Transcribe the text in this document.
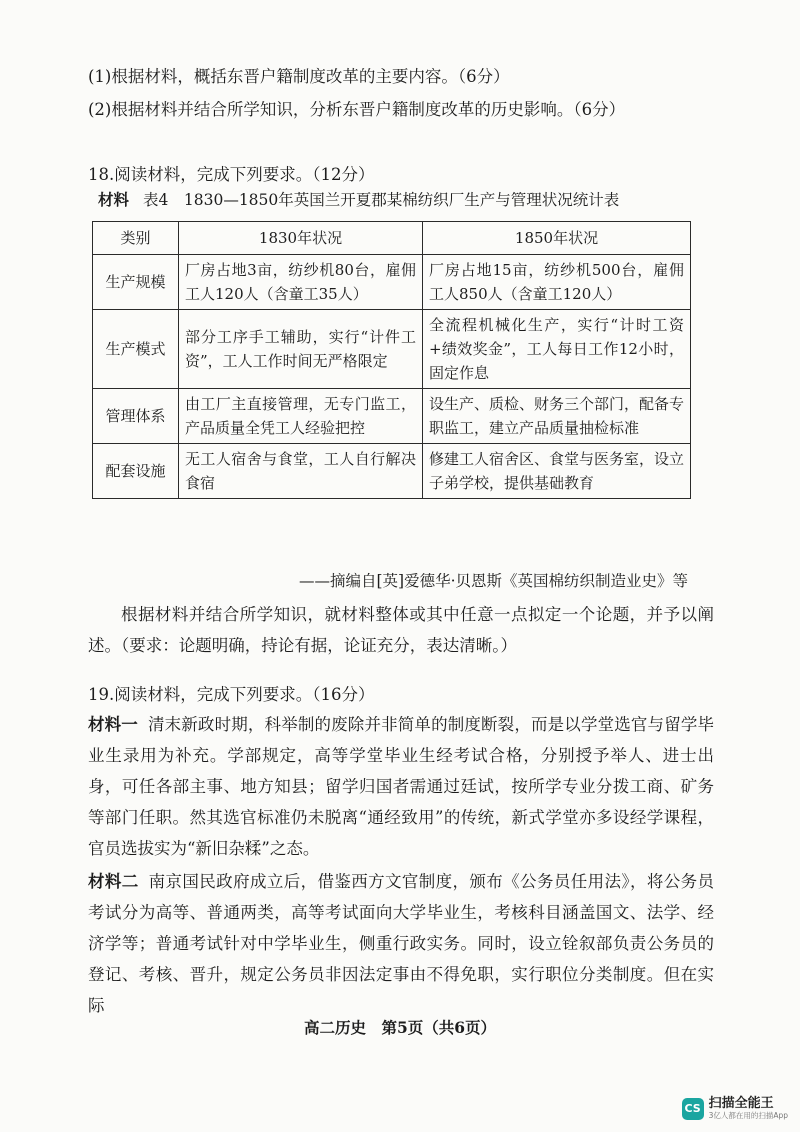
(1)根据材料，概括东晋户籍制度改革的主要内容。（6分）
(2)根据材料并结合所学知识，分析东晋户籍制度改革的历史影响。（6分）
18.阅读材料，完成下列要求。（12分）
材料 表4　1830—1850年英国兰开夏郡某棉纺织厂生产与管理状况统计表
类别	1830年状况	1850年状况
生产规模	厂房占地3亩，纺纱机80台，雇佣工人120人（含童工35人）	厂房占地15亩，纺纱机500台，雇佣工人850人（含童工120人）
生产模式	部分工序手工辅助，实行“计件工资”，工人工作时间无严格限定	全流程机械化生产，实行“计时工资+绩效奖金”，工人每日工作12小时，固定作息
管理体系	由工厂主直接管理，无专门监工，产品质量全凭工人经验把控	设生产、质检、财务三个部门，配备专职监工，建立产品质量抽检标准
配套设施	无工人宿舍与食堂，工人自行解决食宿	修建工人宿舍区、食堂与医务室，设立子弟学校，提供基础教育
——摘编自[英]爱德华·贝恩斯《英国棉纺织制造业史》等
根据材料并结合所学知识，就材料整体或其中任意一点拟定一个论题，并予以阐述。（要求：论题明确，持论有据，论证充分，表达清晰。）
19.阅读材料，完成下列要求。（16分）
材料一 清末新政时期，科举制的废除并非简单的制度断裂，而是以学堂选官与留学毕业生录用为补充。学部规定，高等学堂毕业生经考试合格，分别授予举人、进士出身，可任各部主事、地方知县；留学归国者需通过廷试，按所学专业分拨工商、矿务等部门任职。然其选官标准仍未脱离“通经致用”的传统，新式学堂亦多设经学课程，官员选拔实为“新旧杂糅”之态。
材料二 南京国民政府成立后，借鉴西方文官制度，颁布《公务员任用法》，将公务员考试分为高等、普通两类，高等考试面向大学毕业生，考核科目涵盖国文、法学、经济学等；普通考试针对中学毕业生，侧重行政实务。同时，设立铨叙部负责公务员的登记、考核、晋升，规定公务员非因法定事由不得免职，实行职位分类制度。但在实际
高二历史　第5页（共6页）
CS 扫描全能王
3亿人都在用的扫描App
